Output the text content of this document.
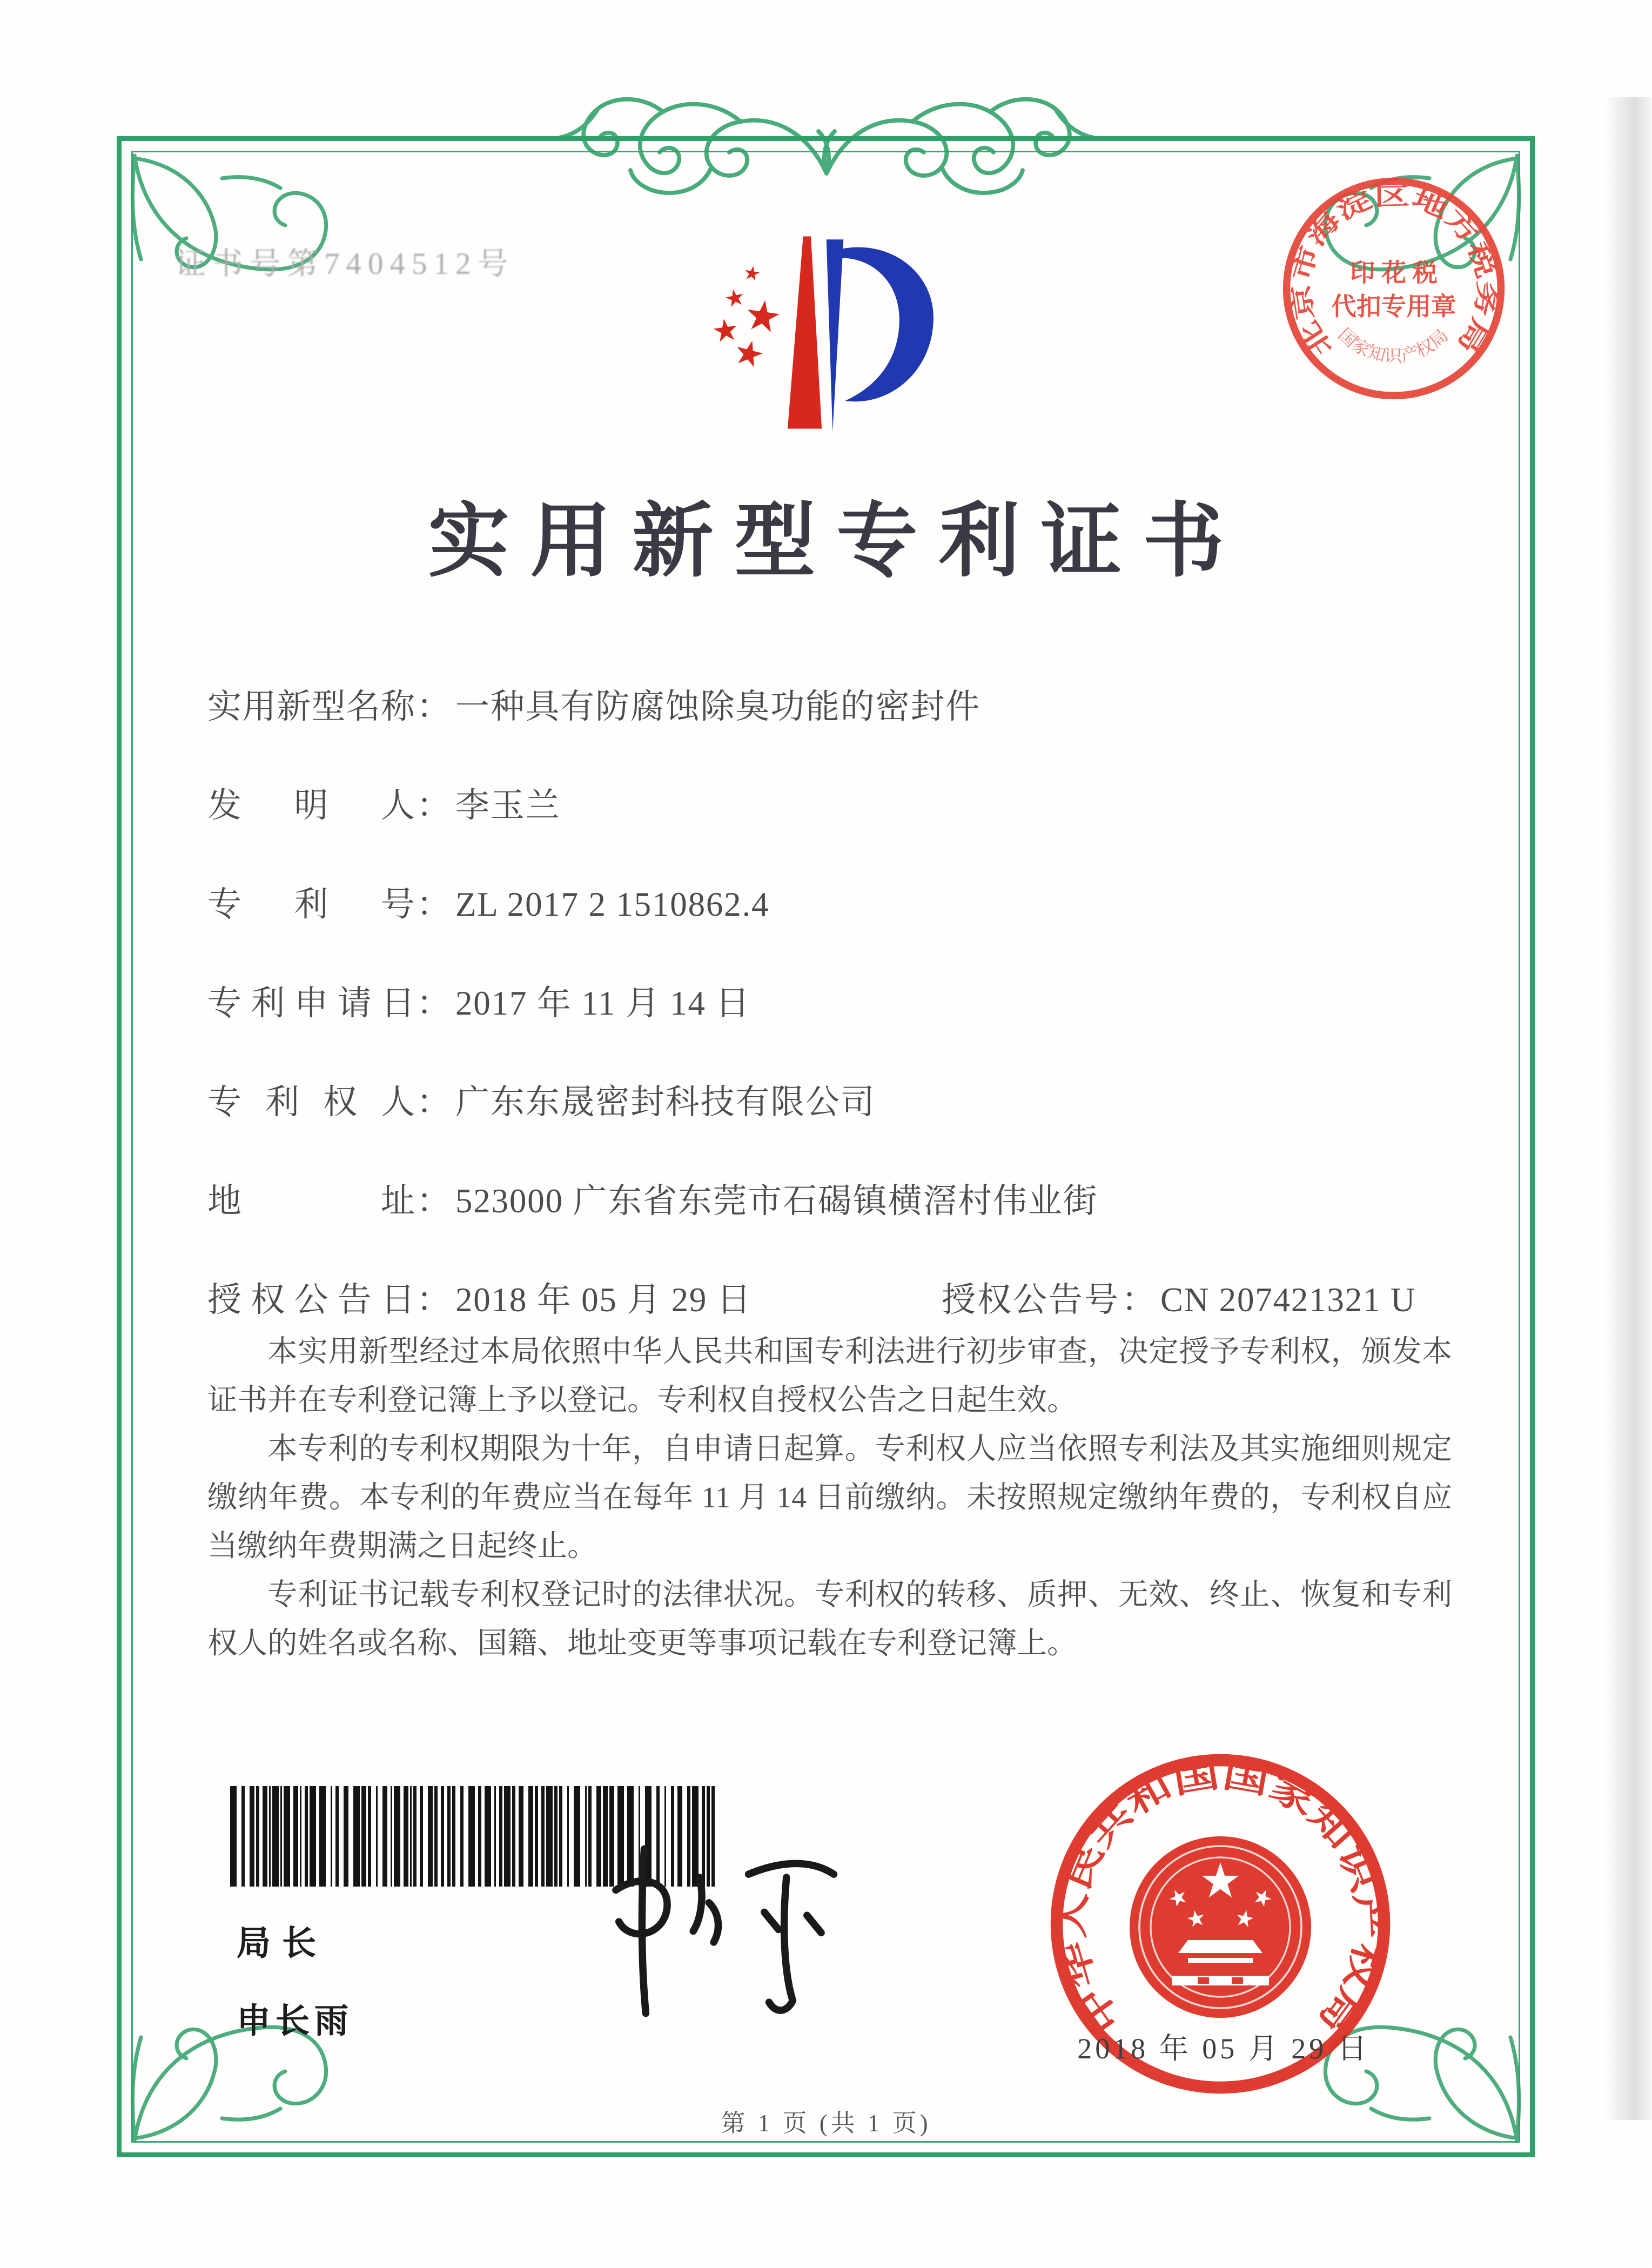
证书号第7404512号
北京市海淀区地方税务局
印 花 税
代扣专用章
国家知识产权局
实用新型专利证书
实用新型名称 ： 一种具有防腐蚀除臭功能的密封件
发明人 ： 李玉兰
专利号 ： ZL 2017 2 1510862.4
专利申请日 ： 2017 年 11 月 14 日
专利权人 ： 广东东晟密封科技有限公司
地址 ： 523000 广东省东莞市石碣镇横滘村伟业街
授权公告日 ： 2018 年 05 月 29 日	授权公告号 ： CN 207421321 U

本实用新型经过本局依照中华人民共和国专利法进行初步审查，决定授予专利权，颁发本证书并在专利登记簿上予以登记。专利权自授权公告之日起生效。

本专利的专利权期限为十年，自申请日起算。专利权人应当依照专利法及其实施细则规定缴纳年费。本专利的年费应当在每年 11 月 14 日前缴纳。未按照规定缴纳年费的，专利权自应当缴纳年费期满之日起终止。

专利证书记载专利权登记时的法律状况。专利权的转移、质押、无效、终止、恢复和专利权人的姓名或名称、国籍、地址变更等事项记载在专利登记簿上。

局长
申长雨	中华人民共和国国家知识产权局
2018 年 05 月 29 日
第 1 页 (共 1 页)
